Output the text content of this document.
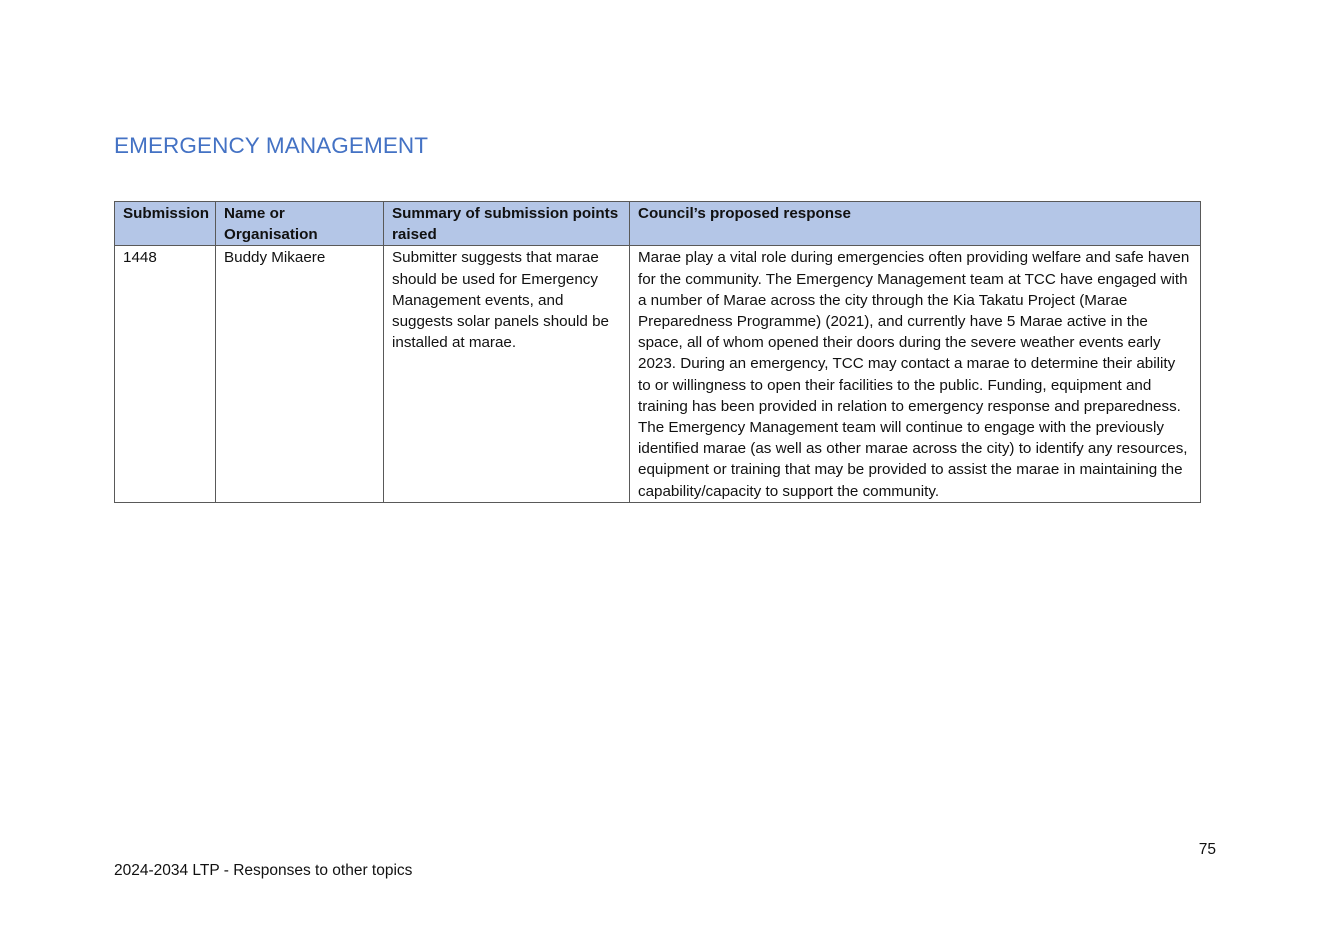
EMERGENCY MANAGEMENT
Submission	Name or Organisation	Summary of submission points raised	Council’s proposed response
1448	Buddy Mikaere	Submitter suggests that marae should be used for Emergency Management events, and suggests solar panels should be installed at marae.	Marae play a vital role during emergencies often providing welfare and safe haven for the community. The Emergency Management team at TCC have engaged with a number of Marae across the city through the Kia Takatu Project (Marae Preparedness Programme) (2021), and currently have 5 Marae active in the space, all of whom opened their doors during the severe weather events early 2023. During an emergency, TCC may contact a marae to determine their ability to or willingness to open their facilities to the public. Funding, equipment and training has been provided in relation to emergency response and preparedness.
The Emergency Management team will continue to engage with the previously identified marae (as well as other marae across the city) to identify any resources, equipment or training that may be provided to assist the marae in maintaining the capability/capacity to support the community.
75
2024-2034 LTP - Responses to other topics
